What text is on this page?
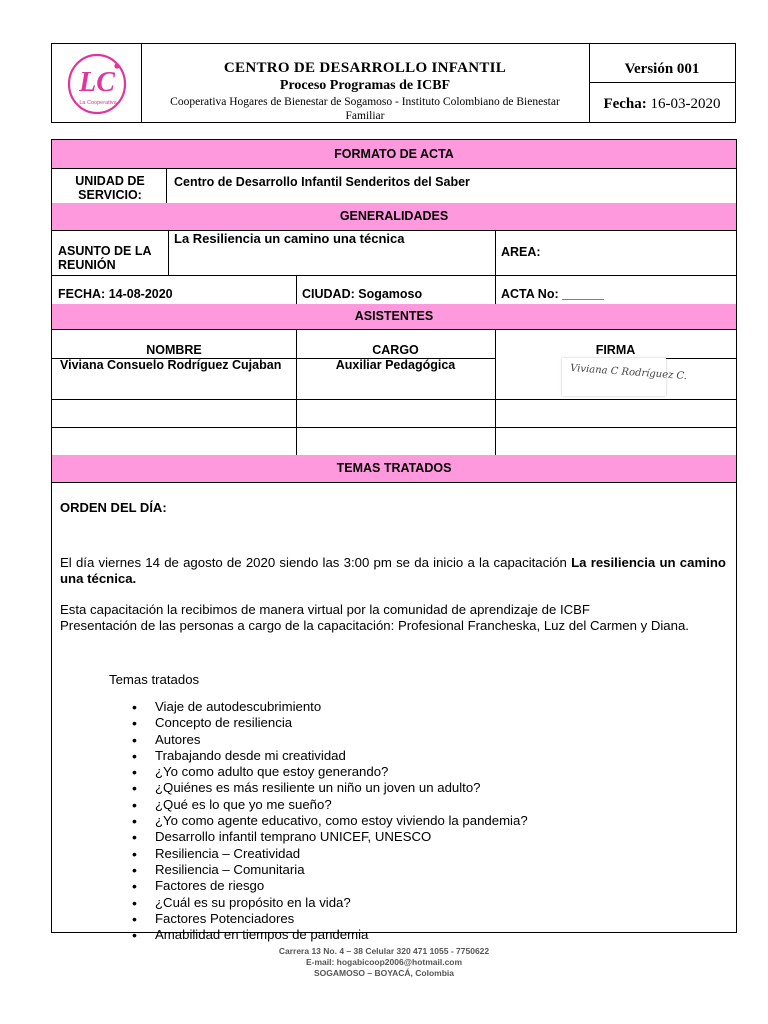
LC
La Cooperativa
CENTRO DE DESARROLLO INFANTIL
Proceso Programas de ICBF
Cooperativa Hogares de Bienestar de Sogamoso - Instituto Colombiano de Bienestar Familiar
Versión 001
Fecha: 16-03-2020
FORMATO DE ACTA
UNIDAD DE SERVICIO:
Centro de Desarrollo Infantil Senderitos del Saber
GENERALIDADES
ASUNTO DE LA REUNIÓN
La Resiliencia un camino una técnica
AREA:
FECHA: 14-08-2020	CIUDAD: Sogamoso	ACTA No: ______
ASISTENTES
NOMBRE	CARGO	FIRMA
Viviana Consuelo Rodríguez Cujaban	Auxiliar Pedagógica	Viviana C Rodríguez C.
TEMAS TRATADOS
ORDEN DEL DÍA:
El día viernes 14 de agosto de 2020 siendo las 3:00 pm se da inicio a la capacitación La resiliencia un camino una técnica.
Esta capacitación la recibimos de manera virtual por la comunidad de aprendizaje de ICBF
Presentación de las personas a cargo de la capacitación: Profesional Francheska, Luz del Carmen y Diana.
Temas tratados
• Viaje de autodescubrimiento
• Concepto de resiliencia
• Autores
• Trabajando desde mi creatividad
• ¿Yo como adulto que estoy generando?
• ¿Quiénes es más resiliente un niño un joven un adulto?
• ¿Qué es lo que yo me sueño?
• ¿Yo como agente educativo, como estoy viviendo la pandemia?
• Desarrollo infantil temprano UNICEF, UNESCO
• Resiliencia – Creatividad
• Resiliencia – Comunitaria
• Factores de riesgo
• ¿Cuál es su propósito en la vida?
• Factores Potenciadores
• Amabilidad en tiempos de pandemia
Carrera 13 No. 4 – 38 Celular 320 471 1055 - 7750622
E-mail: hogabicoop2006@hotmail.com
SOGAMOSO – BOYACÁ, Colombia
